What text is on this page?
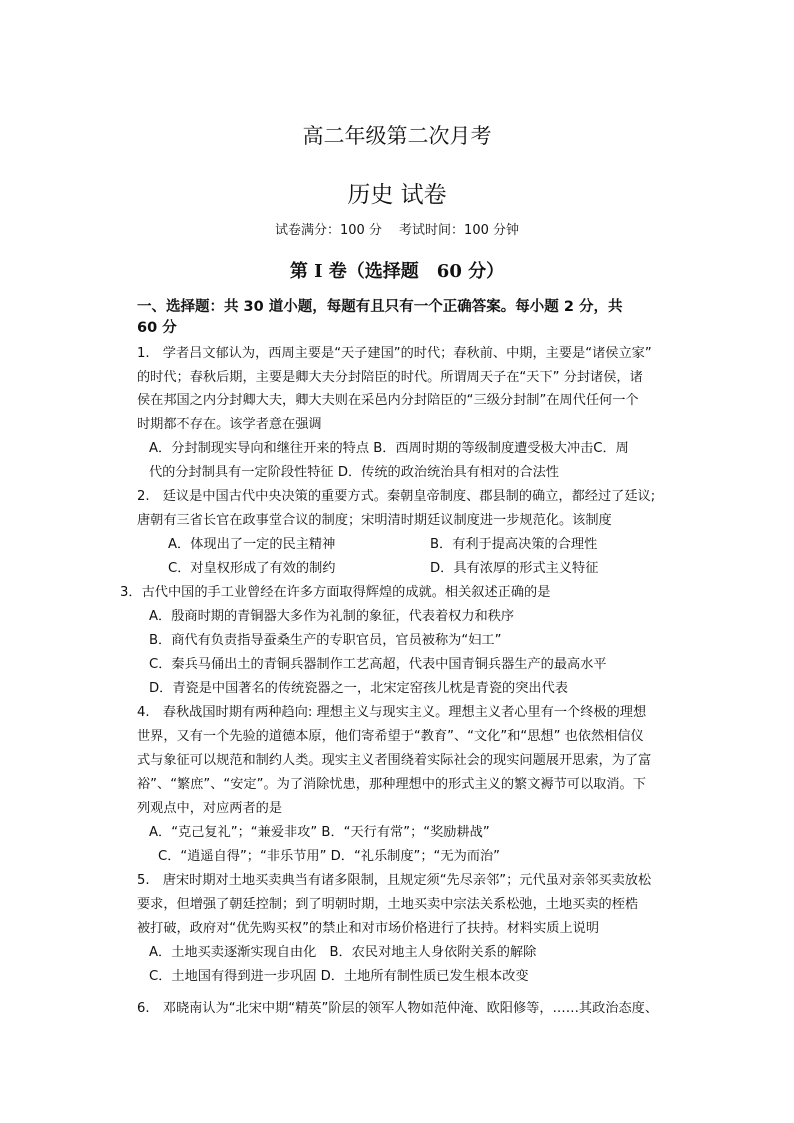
高二年级第二次月考
历史 试卷
试卷满分：100 分　 考试时间：100 分钟
第 I 卷（选择题　60 分）
一、选择题：共 30 道小题，每题有且只有一个正确答案。每小题 2 分，共
60 分
1.　学者吕文郁认为，西周主要是“天子建国”的时代；春秋前、中期，主要是“诸侯立家”
的时代；春秋后期，主要是卿大夫分封陪臣的时代。所谓周天子在“天下” 分封诸侯，诸
侯在邦国之内分封卿大夫，卿大夫则在采邑内分封陪臣的“三级分封制”在周代任何一个
时期都不存在。该学者意在强调
A．分封制现实导向和继往开来的特点 B．西周时期的等级制度遭受极大冲击C．周
代的分封制具有一定阶段性特征 D．传统的政治统治具有相对的合法性
2.　廷议是中国古代中央决策的重要方式。秦朝皇帝制度、郡县制的确立，都经过了廷议;
唐朝有三省长官在政事堂合议的制度；宋明清时期廷议制度进一步规范化。该制度
A．体现出了一定的民主精神	B．有利于提高决策的合理性
C．对皇权形成了有效的制约	D．具有浓厚的形式主义特征
3．古代中国的手工业曾经在许多方面取得辉煌的成就。相关叙述正确的是
A．殷商时期的青铜器大多作为礼制的象征，代表着权力和秩序
B．商代有负责指导蚕桑生产的专职官员，官员被称为“妇工”
C．秦兵马俑出土的青铜兵器制作工艺高超，代表中国青铜兵器生产的最高水平
D．青瓷是中国著名的传统瓷器之一，北宋定窑孩儿枕是青瓷的突出代表
4.　春秋战国时期有两种趋向: 理想主义与现实主义。理想主义者心里有一个终极的理想
世界，又有一个先验的道德本原，他们寄希望于“教育”、“文化”和“思想” 也依然相信仪
式与象征可以规范和制约人类。现实主义者围绕着实际社会的现实问题展开思索，为了富
裕”、“繁庶”、“安定”。为了消除忧患，那种理想中的形式主义的繁文褥节可以取消。下
列观点中，对应两者的是
A．“克己复礼”；“兼爱非攻” B．“天行有常”；“奖励耕战”
C．“逍遥自得”；“非乐节用” D．“礼乐制度”；“无为而治”
5.　唐宋时期对土地买卖典当有诸多限制，且规定须“先尽亲邻”；元代虽对亲邻买卖放松
要求，但增强了朝廷控制；到了明朝时期，土地买卖中宗法关系松弛，土地买卖的桎梏
被打破，政府对“优先购买权”的禁止和对市场价格进行了扶持。材料实质上说明
A．土地买卖逐渐实现自由化　B．农民对地主人身依附关系的解除
C．土地国有得到进一步巩固 D．土地所有制性质已发生根本改变
6.　邓晓南认为“北宋中期“精英”阶层的领军人物如范仲淹、欧阳修等，……其政治态度、
